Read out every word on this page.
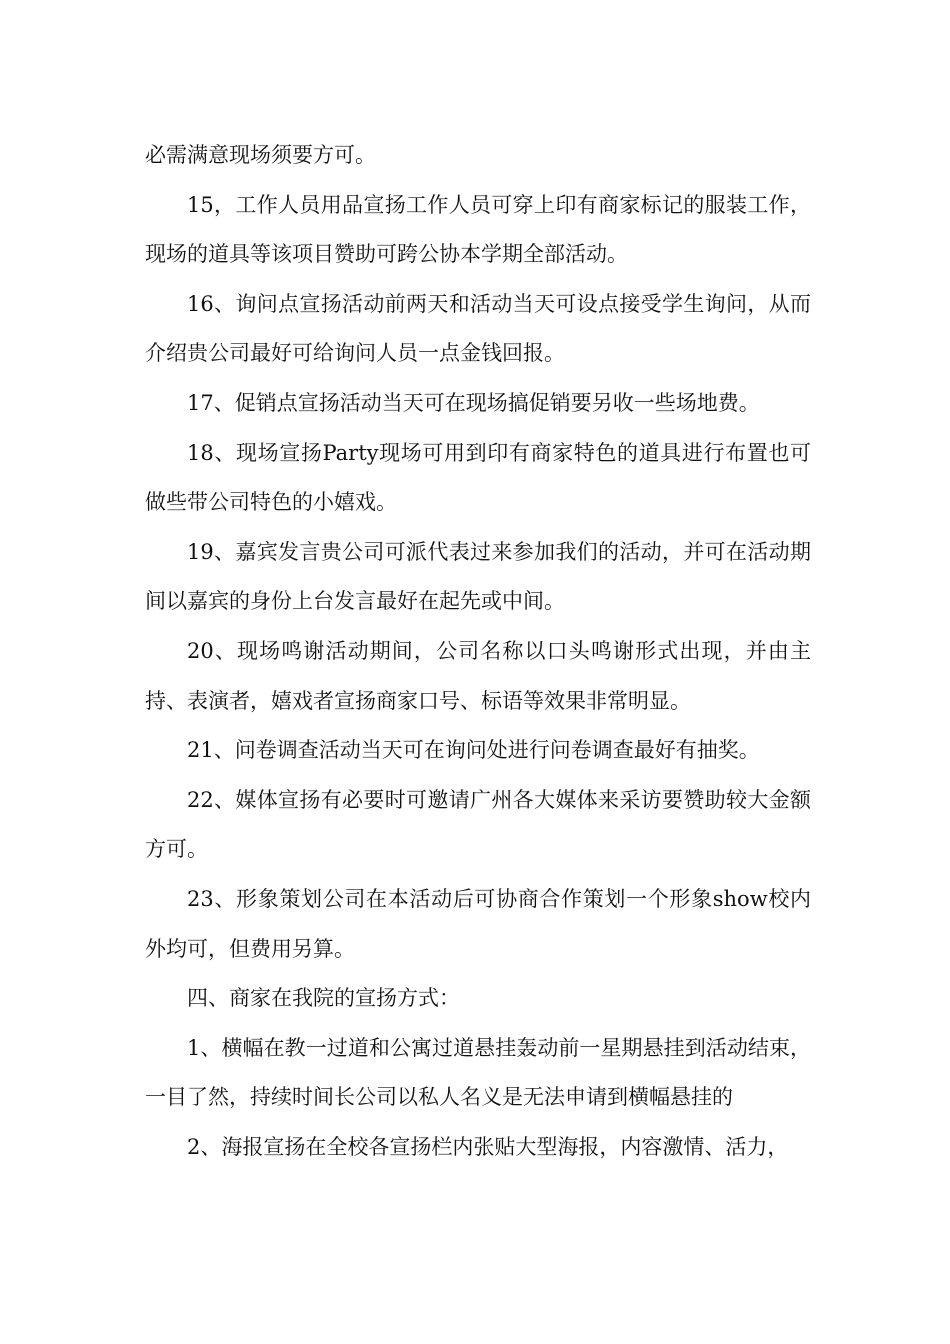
必需满意现场须要方可。

15，工作人员用品宣扬工作人员可穿上印有商家标记的服装工作，现场的道具等该项目赞助可跨公协本学期全部活动。

16、询问点宣扬活动前两天和活动当天可设点接受学生询问，从而介绍贵公司最好可给询问人员一点金钱回报。

17、促销点宣扬活动当天可在现场搞促销要另收一些场地费。

18、现场宣扬Party现场可用到印有商家特色的道具进行布置也可做些带公司特色的小嬉戏。

19、嘉宾发言贵公司可派代表过来参加我们的活动，并可在活动期间以嘉宾的身份上台发言最好在起先或中间。

20、现场鸣谢活动期间，公司名称以口头鸣谢形式出现，并由主持、表演者，嬉戏者宣扬商家口号、标语等效果非常明显。

21、问卷调查活动当天可在询问处进行问卷调查最好有抽奖。

22、媒体宣扬有必要时可邀请广州各大媒体来采访要赞助较大金额方可。

23、形象策划公司在本活动后可协商合作策划一个形象show校内外均可，但费用另算。

四、商家在我院的宣扬方式：

1、横幅在教一过道和公寓过道悬挂轰动前一星期悬挂到活动结束，一目了然，持续时间长公司以私人名义是无法申请到横幅悬挂的

2、海报宣扬在全校各宣扬栏内张贴大型海报，内容激情、活力，
